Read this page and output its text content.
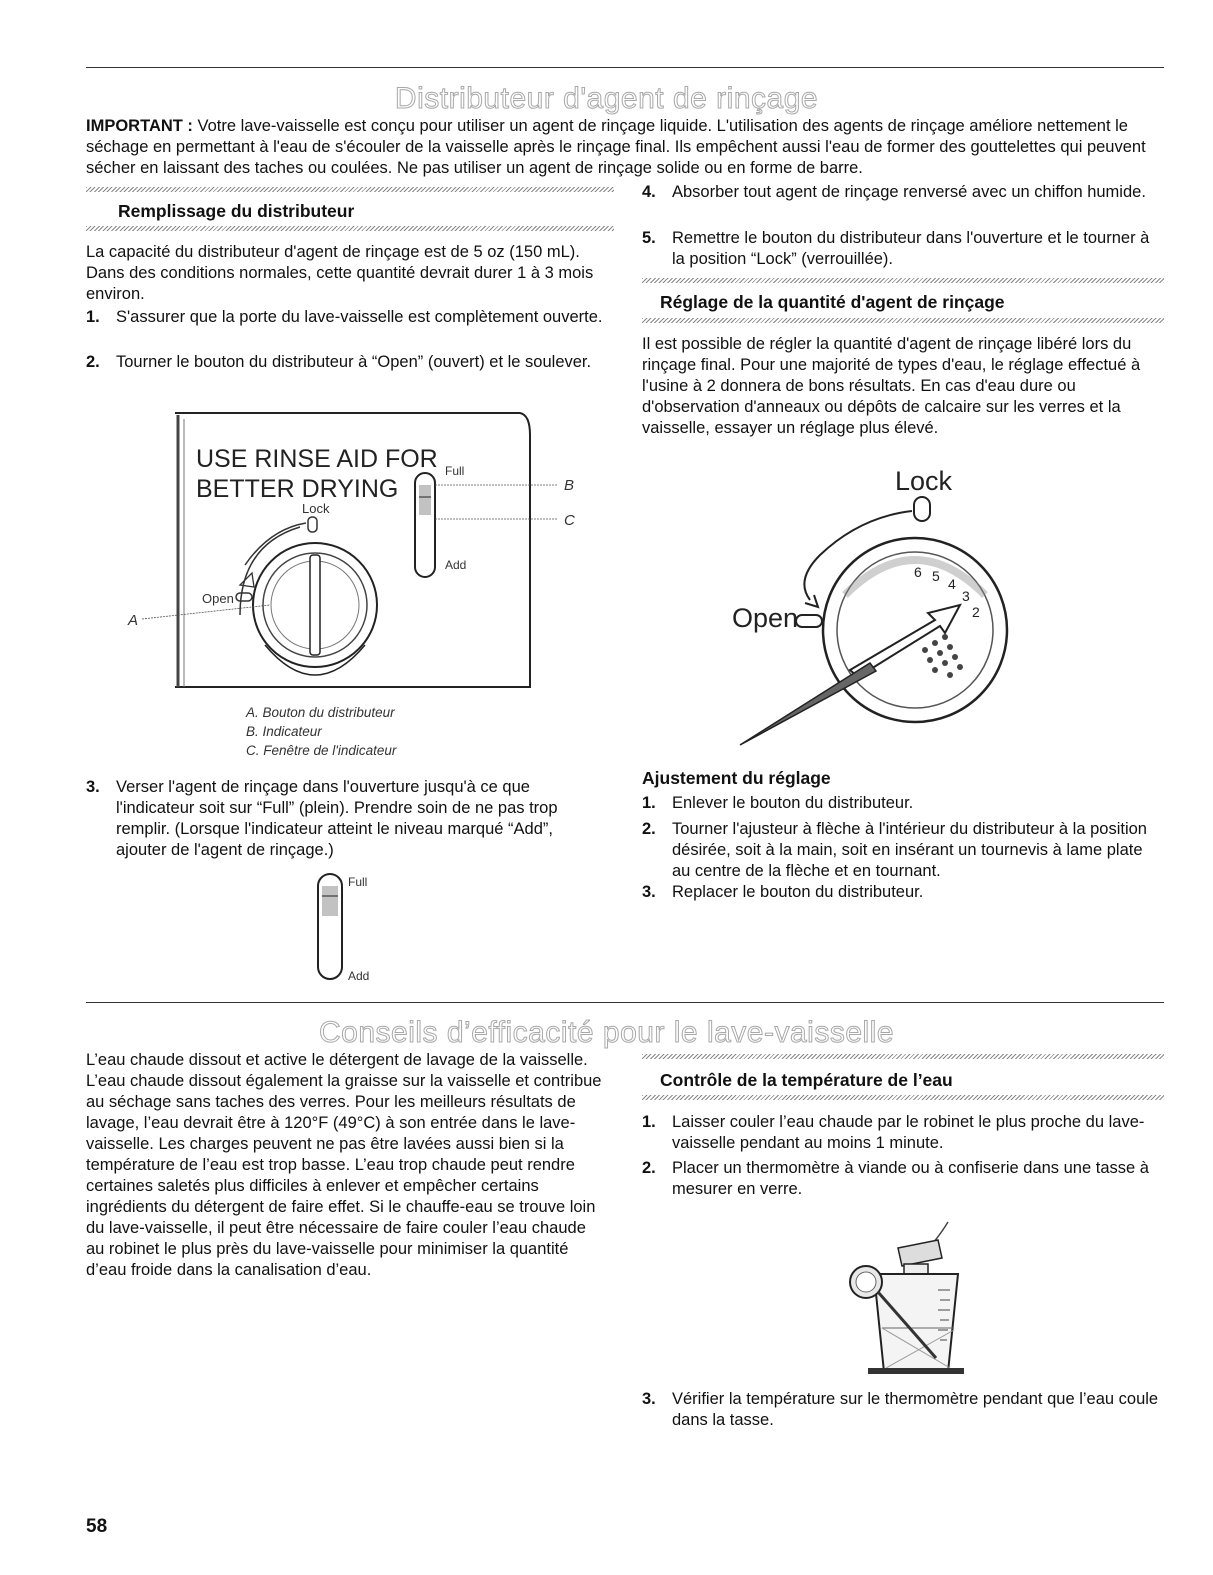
Distributeur d'agent de rinçage

IMPORTANT : Votre lave-vaisselle est conçu pour utiliser un agent de rinçage liquide. L'utilisation des agents de rinçage améliore nettement le séchage en permettant à l'eau de s'écouler de la vaisselle après le rinçage final. Ils empêchent aussi l'eau de former des gouttelettes qui peuvent sécher en laissant des taches ou coulées. Ne pas utiliser un agent de rinçage solide ou en forme de barre.

Remplissage du distributeur

La capacité du distributeur d'agent de rinçage est de 5 oz (150 mL). Dans des conditions normales, cette quantité devrait durer 1 à 3 mois environ.

1. S'assurer que la porte du lave-vaisselle est complètement ouverte.
2. Tourner le bouton du distributeur à “Open” (ouvert) et le soulever.
USE RINSE AID FOR
BETTER DRYING
Lock
Open
A
Full
Add
B
C
A. Bouton du distributeur
B. Indicateur
C. Fenêtre de l'indicateur
3. Verser l'agent de rinçage dans l'ouverture jusqu'à ce que l'indicateur soit sur “Full” (plein). Prendre soin de ne pas trop remplir. (Lorsque l'indicateur atteint le niveau marqué “Add”, ajouter de l'agent de rinçage.)
Full
Add
4. Absorber tout agent de rinçage renversé avec un chiffon humide.
5. Remettre le bouton du distributeur dans l'ouverture et le tourner à la position “Lock” (verrouillée).
Réglage de la quantité d'agent de rinçage

Il est possible de régler la quantité d'agent de rinçage libéré lors du rinçage final. Pour une majorité de types d'eau, le réglage effectué à l'usine à 2 donnera de bons résultats. En cas d'eau dure ou d'observation d'anneaux ou dépôts de calcaire sur les verres et la vaisselle, essayer un réglage plus élevé.

Lock
Open
6 5 4
3
2
Ajustement du réglage
1. Enlever le bouton du distributeur.
2. Tourner l'ajusteur à flèche à l'intérieur du distributeur à la position désirée, soit à la main, soit en insérant un tournevis à lame plate au centre de la flèche et en tournant.
3. Replacer le bouton du distributeur.
Conseils d’efficacité pour le lave-vaisselle

L’eau chaude dissout et active le détergent de lavage de la vaisselle. L’eau chaude dissout également la graisse sur la vaisselle et contribue au séchage sans taches des verres. Pour les meilleurs résultats de lavage, l’eau devrait être à 120°F (49°C) à son entrée dans le lave-vaisselle. Les charges peuvent ne pas être lavées aussi bien si la température de l’eau est trop basse. L’eau trop chaude peut rendre certaines saletés plus difficiles à enlever et empêcher certains ingrédients du détergent de faire effet. Si le chauffe-eau se trouve loin du lave-vaisselle, il peut être nécessaire de faire couler l’eau chaude au robinet le plus près du lave-vaisselle pour minimiser la quantité d’eau froide dans la canalisation d’eau.

Contrôle de la température de l’eau
1. Laisser couler l’eau chaude par le robinet le plus proche du lave-vaisselle pendant au moins 1 minute.
2. Placer un thermomètre à viande ou à confiserie dans une tasse à mesurer en verre.
3. Vérifier la température sur le thermomètre pendant que l’eau coule dans la tasse.
58
